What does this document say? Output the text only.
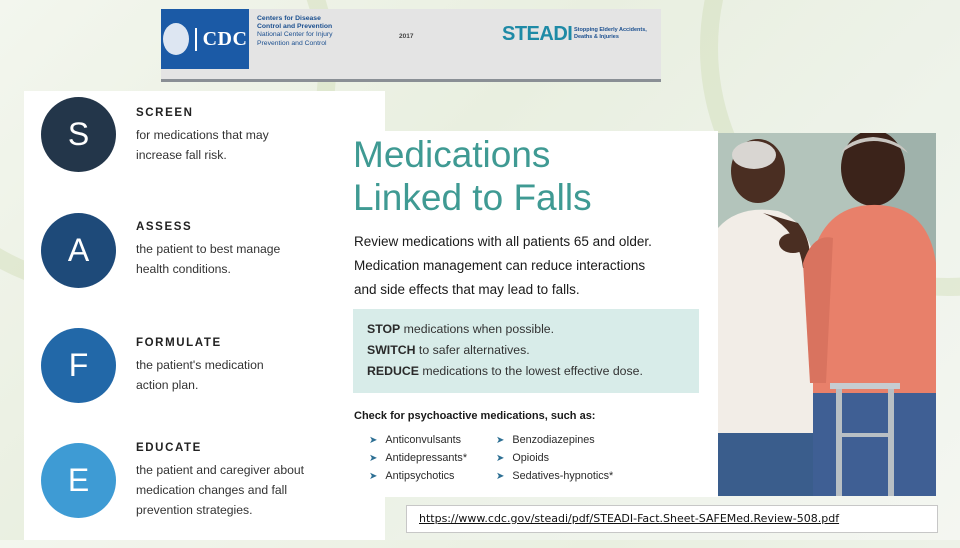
CDC
Centers for Disease
Control and Prevention
National Center for Injury
Prevention and Control
2017	STEADI Stopping Elderly Accidents, Deaths & Injuries
S
SCREEN
for medications that may increase fall risk.
A
ASSESS
the patient to best manage health conditions.
F
FORMULATE
the patient's medication action plan.
E
EDUCATE
the patient and caregiver about medication changes and fall prevention strategies.
Medications
Linked to Falls
Review medications with all patients 65 and older.
Medication management can reduce interactions
and side effects that may lead to falls.
STOP medications when possible.
SWITCH to safer alternatives.
REDUCE medications to the lowest effective dose.
Check for psychoactive medications, such as:
➤ Anticonvulsants
➤ Antidepressants*
➤ Antipsychotics
➤ Benzodiazepines
➤ Opioids
➤ Sedatives-hypnotics*
https://www.cdc.gov/steadi/pdf/STEADI-Fact.Sheet-SAFEMed.Review-508.pdf
